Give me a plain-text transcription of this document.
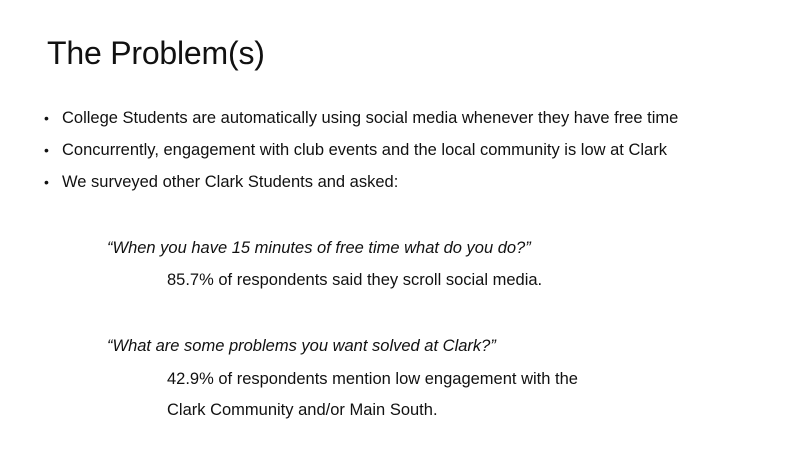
The Problem(s)
• College Students are automatically using social media whenever they have free time
• Concurrently, engagement with club events and the local community is low at Clark
• We surveyed other Clark Students and asked:
“When you have 15 minutes of free time what do you do?”
85.7% of respondents said they scroll social media.
“What are some problems you want solved at Clark?”
42.9% of respondents mention low engagement with the
Clark Community and/or Main South.
